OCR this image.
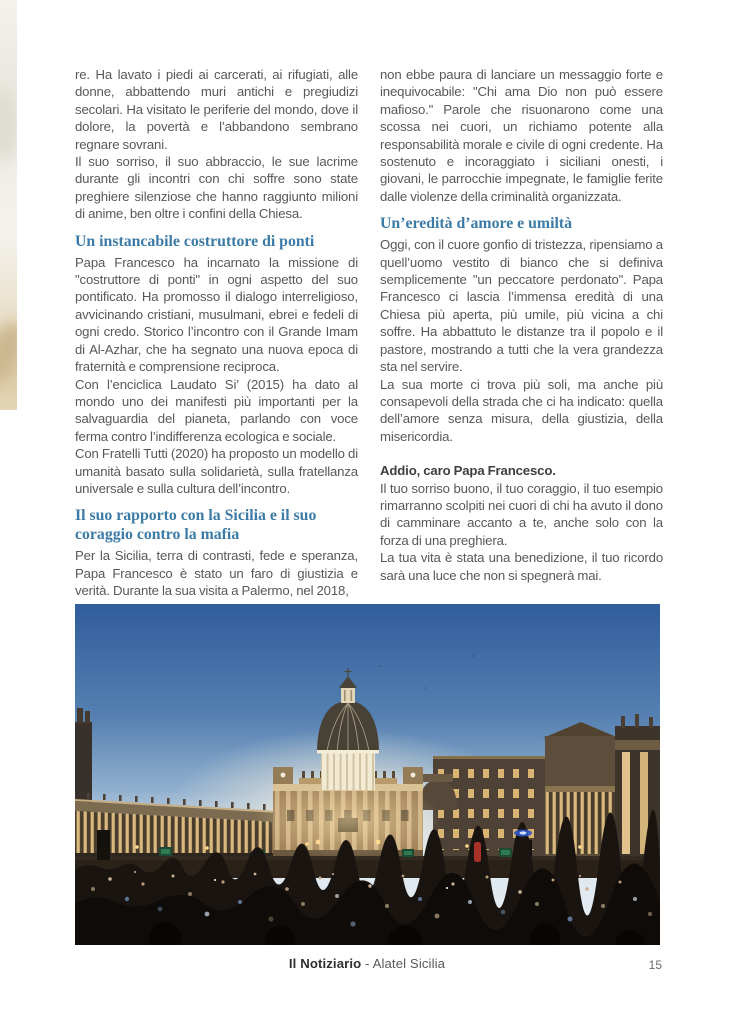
re. Ha lavato i piedi ai carcerati, ai rifugiati, alle donne, abbattendo muri antichi e pregiudizi secolari. Ha visitato le periferie del mondo, dove il dolore, la povertà e l’abbandono sembrano regnare sovrani.

Il suo sorriso, il suo abbraccio, le sue lacrime durante gli incontri con chi soffre sono state preghiere silenziose che hanno raggiunto milioni di anime, ben oltre i confini della Chiesa.

Un instancabile costruttore di ponti

Papa Francesco ha incarnato la missione di "costruttore di ponti" in ogni aspetto del suo pontificato. Ha promosso il dialogo interreligioso, avvicinando cristiani, musulmani, ebrei e fedeli di ogni credo. Storico l’incontro con il Grande Imam di Al-Azhar, che ha segnato una nuova epoca di fraternità e comprensione reciproca.

Con l’enciclica Laudato Si’ (2015) ha dato al mondo uno dei manifesti più importanti per la salvaguardia del pianeta, parlando con voce ferma contro l’indifferenza ecologica e sociale.

Con Fratelli Tutti (2020) ha proposto un modello di umanità basato sulla solidarietà, sulla fratellanza universale e sulla cultura dell’incontro.

Il suo rapporto con la Sicilia e il suo coraggio contro la mafia

Per la Sicilia, terra di contrasti, fede e speranza, Papa Francesco è stato un faro di giustizia e verità. Durante la sua visita a Palermo, nel 2018,

non ebbe paura di lanciare un messaggio forte e inequivocabile: "Chi ama Dio non può essere mafioso." Parole che risuonarono come una scossa nei cuori, un richiamo potente alla responsabilità morale e civile di ogni credente. Ha sostenuto e incoraggiato i siciliani onesti, i giovani, le parrocchie impegnate, le famiglie ferite dalle violenze della criminalità organizzata.

Un’eredità d’amore e umiltà

Oggi, con il cuore gonfio di tristezza, ripensiamo a quell’uomo vestito di bianco che si definiva semplicemente "un peccatore perdonato". Papa Francesco ci lascia l’immensa eredità di una Chiesa più aperta, più umile, più vicina a chi soffre. Ha abbattuto le distanze tra il popolo e il pastore, mostrando a tutti che la vera grandezza sta nel servire.

La sua morte ci trova più soli, ma anche più consapevoli della strada che ci ha indicato: quella dell’amore senza misura, della giustizia, della misericordia.

Addio, caro Papa Francesco.

Il tuo sorriso buono, il tuo coraggio, il tuo esempio rimarranno scolpiti nei cuori di chi ha avuto il dono di camminare accanto a te, anche solo con la forza di una preghiera.

La tua vita è stata una benedizione, il tuo ricordo sarà una luce che non si spegnerà mai.

Il Notiziario - Alatel Sicilia	15
